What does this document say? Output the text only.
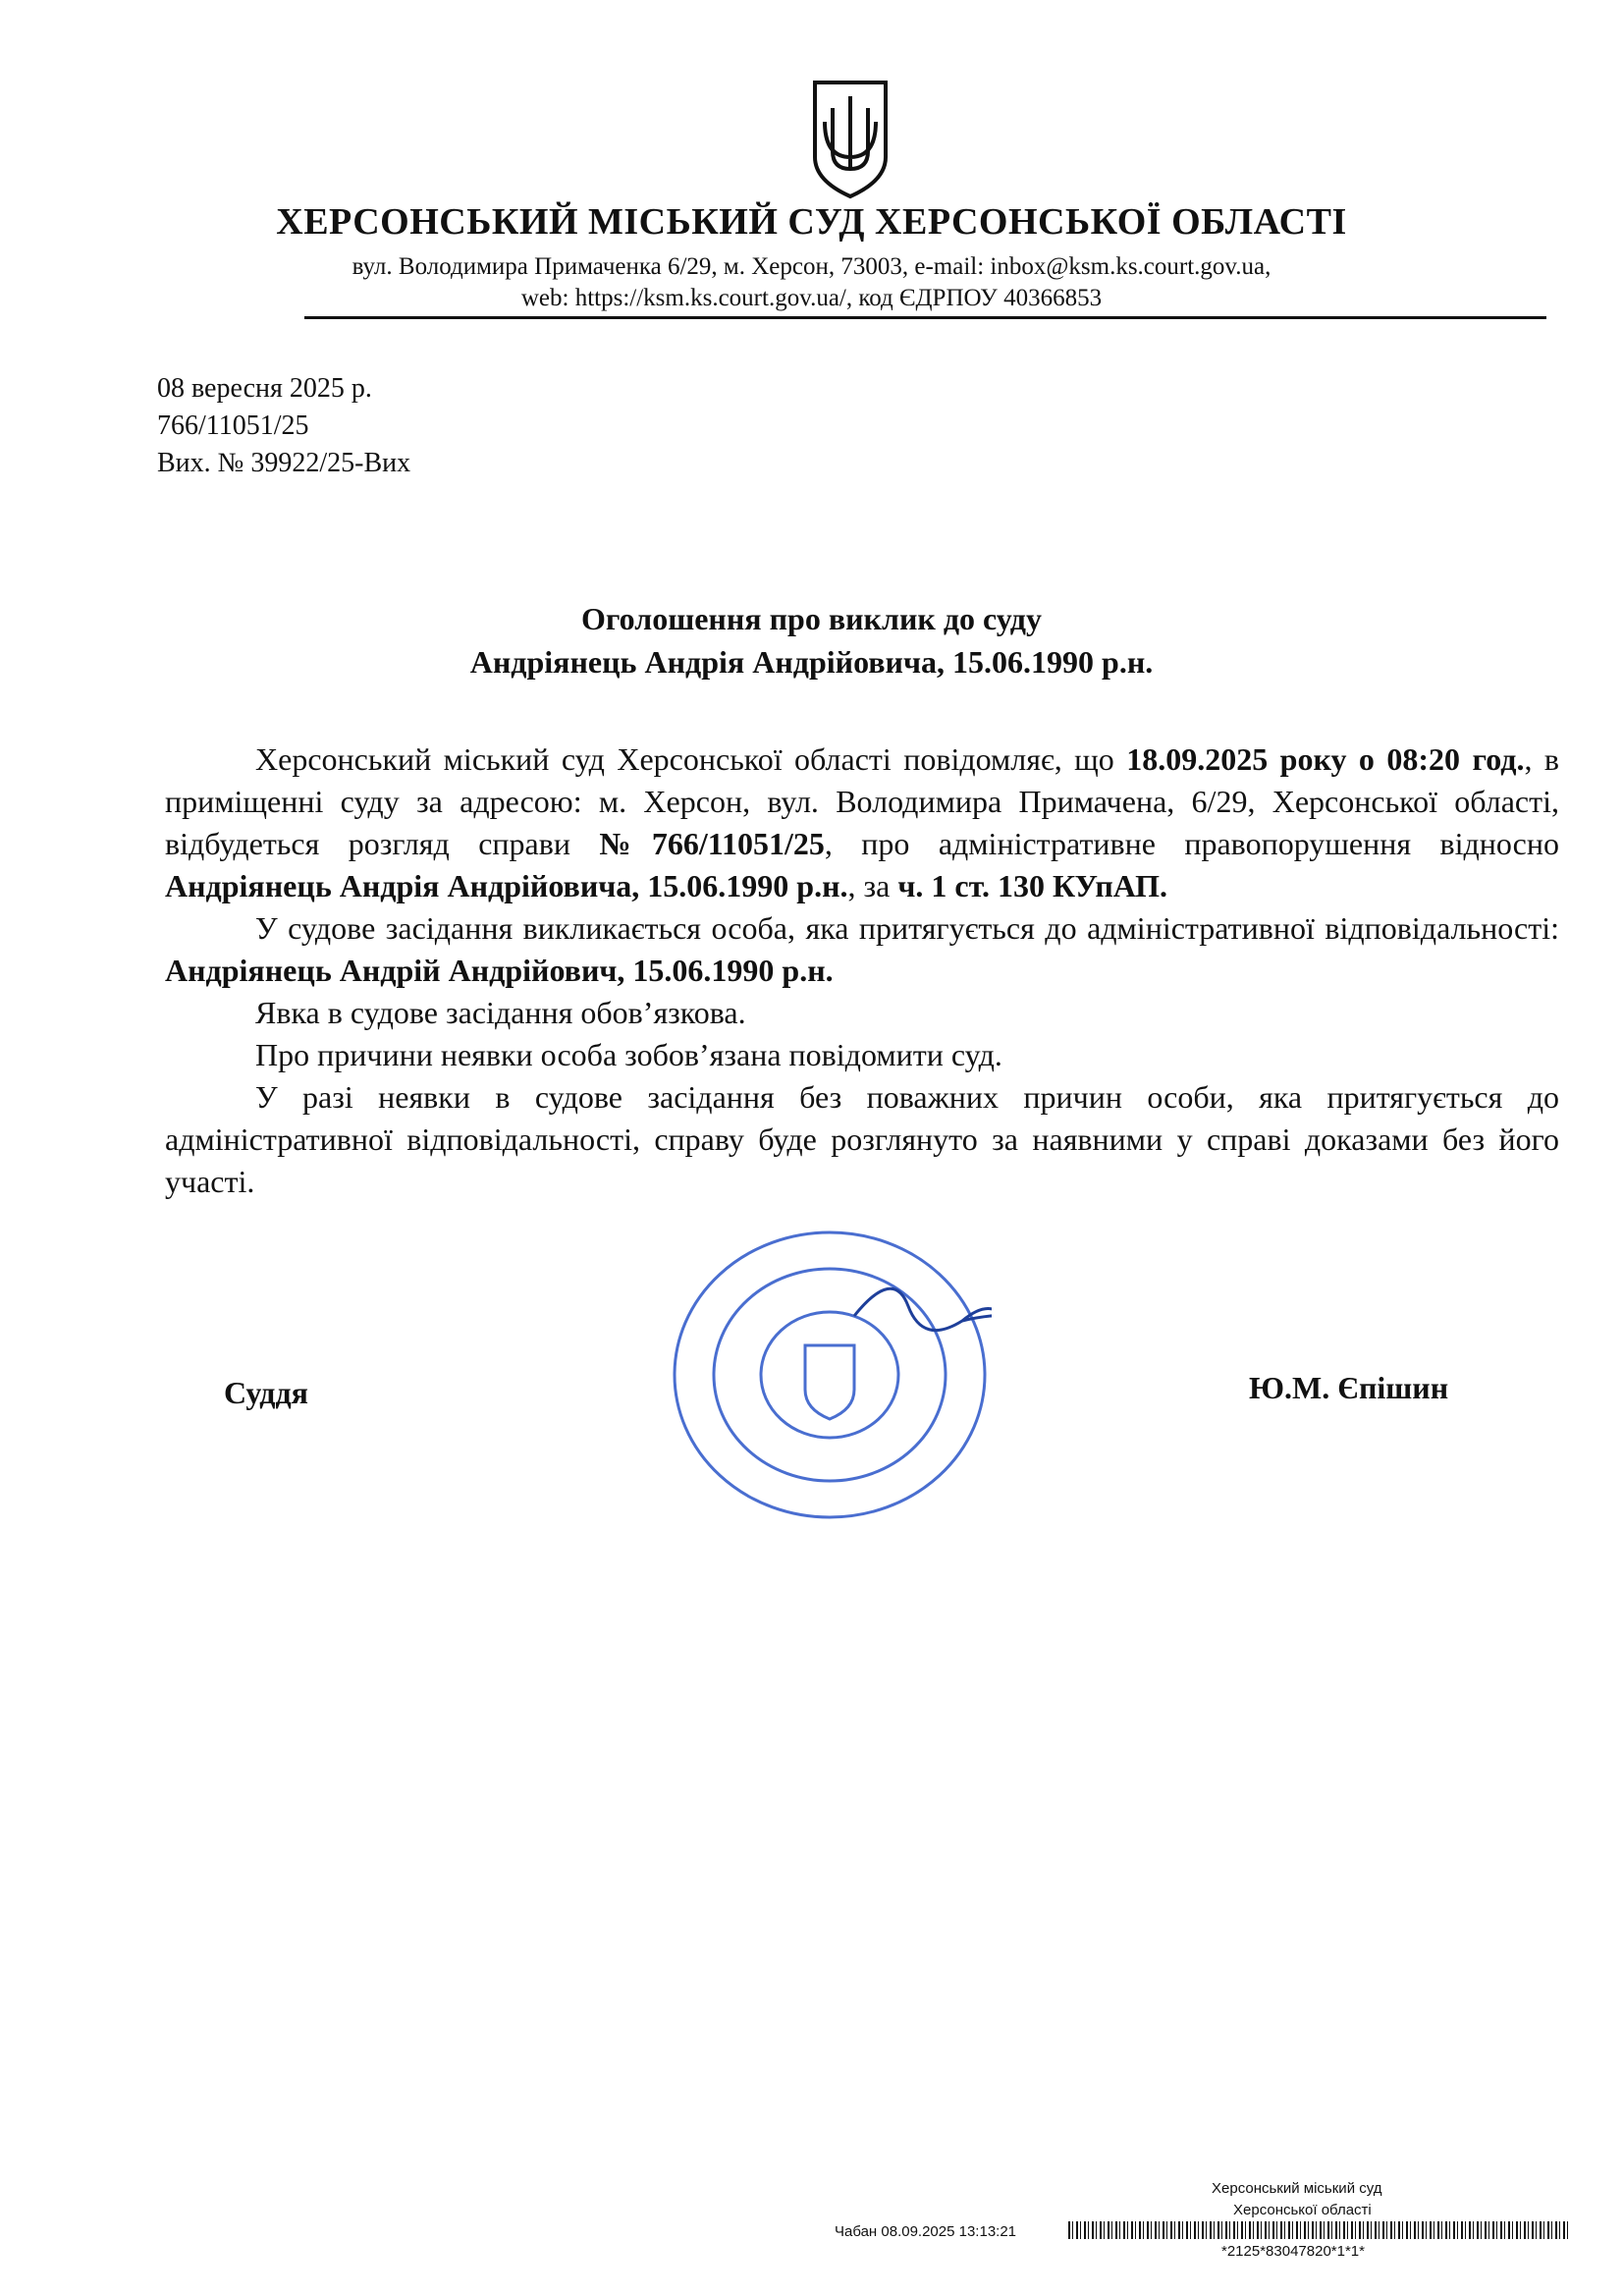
ХЕРСОНСЬКИЙ МІСЬКИЙ СУД ХЕРСОНСЬКОЇ ОБЛАСТІ
вул. Володимира Примаченка 6/29, м. Херсон, 73003, e-mail: inbox@ksm.ks.court.gov.ua,
web: https://ksm.ks.court.gov.ua/, код ЄДРПОУ 40366853
08 вересня 2025 р.
766/11051/25
Вих. № 39922/25-Вих
Оголошення про виклик до суду
Андріянець Андрія Андрійовича, 15.06.1990 р.н.

Херсонський міський суд Херсонської області повідомляє, що 18.09.2025 року о 08:20 год., в приміщенні суду за адресою: м. Херсон, вул. Володимира Примачена, 6/29, Херсонської області, відбудеться розгляд справи №766/11051/25, про адміністративне правопорушення відносно Андріянець Андрія Андрійовича, 15.06.1990 р.н., за ч. 1 ст. 130 КУпАП.

У судове засідання викликається особа, яка притягується до адміністративної відповідальності: Андріянець Андрій Андрійович, 15.06.1990 р.н.

Явка в судове засідання обов’язкова.

Про причини неявки особа зобов’язана повідомити суд.

У разі неявки в судове засідання без поважних причин особи, яка притягується до адміністративної відповідальності, справу буде розглянуто за наявними у справі доказами без його участі.

Суддя	Ю.М. Єпішин
Херсонський міський суд
Херсонської області
Чабан 08.09.2025 13:13:21
*2125*83047820*1*1*
